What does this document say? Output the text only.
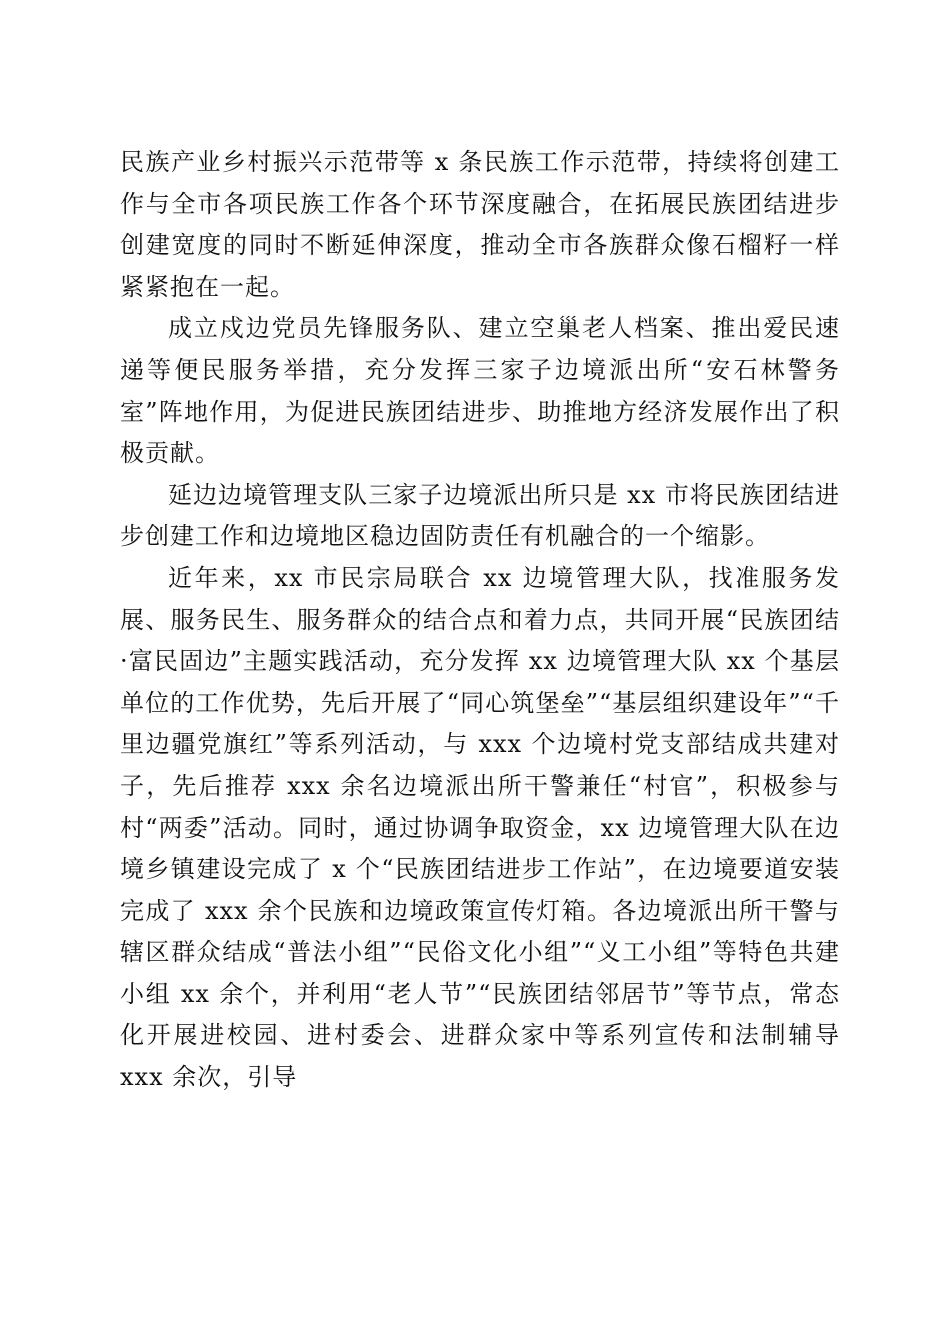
民族产业乡村振兴示范带等 x 条民族工作示范带，持续将创建工作与全市各项民族工作各个环节深度融合，在拓展民族团结进步创建宽度的同时不断延伸深度，推动全市各族群众像石榴籽一样紧紧抱在一起。

成立戍边党员先锋服务队、建立空巢老人档案、推出爱民速递等便民服务举措，充分发挥三家子边境派出所“安石林警务室”阵地作用，为促进民族团结进步、助推地方经济发展作出了积极贡献。

延边边境管理支队三家子边境派出所只是 xx 市将民族团结进步创建工作和边境地区稳边固防责任有机融合的一个缩影。

近年来，xx 市民宗局联合 xx 边境管理大队，找准服务发展、服务民生、服务群众的结合点和着力点，共同开展“民族团结·富民固边”主题实践活动，充分发挥 xx 边境管理大队 xx 个基层单位的工作优势，先后开展了“同心筑堡垒”“基层组织建设年”“千里边疆党旗红”等系列活动，与 xxx 个边境村党支部结成共建对子，先后推荐 xxx 余名边境派出所干警兼任“村官”，积极参与村“两委”活动。同时，通过协调争取资金，xx 边境管理大队在边境乡镇建设完成了 x 个“民族团结进步工作站”，在边境要道安装完成了 xxx 余个民族和边境政策宣传灯箱。各边境派出所干警与辖区群众结成“普法小组”“民俗文化小组”“义工小组”等特色共建小组 xx 余个，并利用“老人节”“民族团结邻居节”等节点，常态化开展进校园、进村委会、进群众家中等系列宣传和法制辅导 xxx 余次，引导
